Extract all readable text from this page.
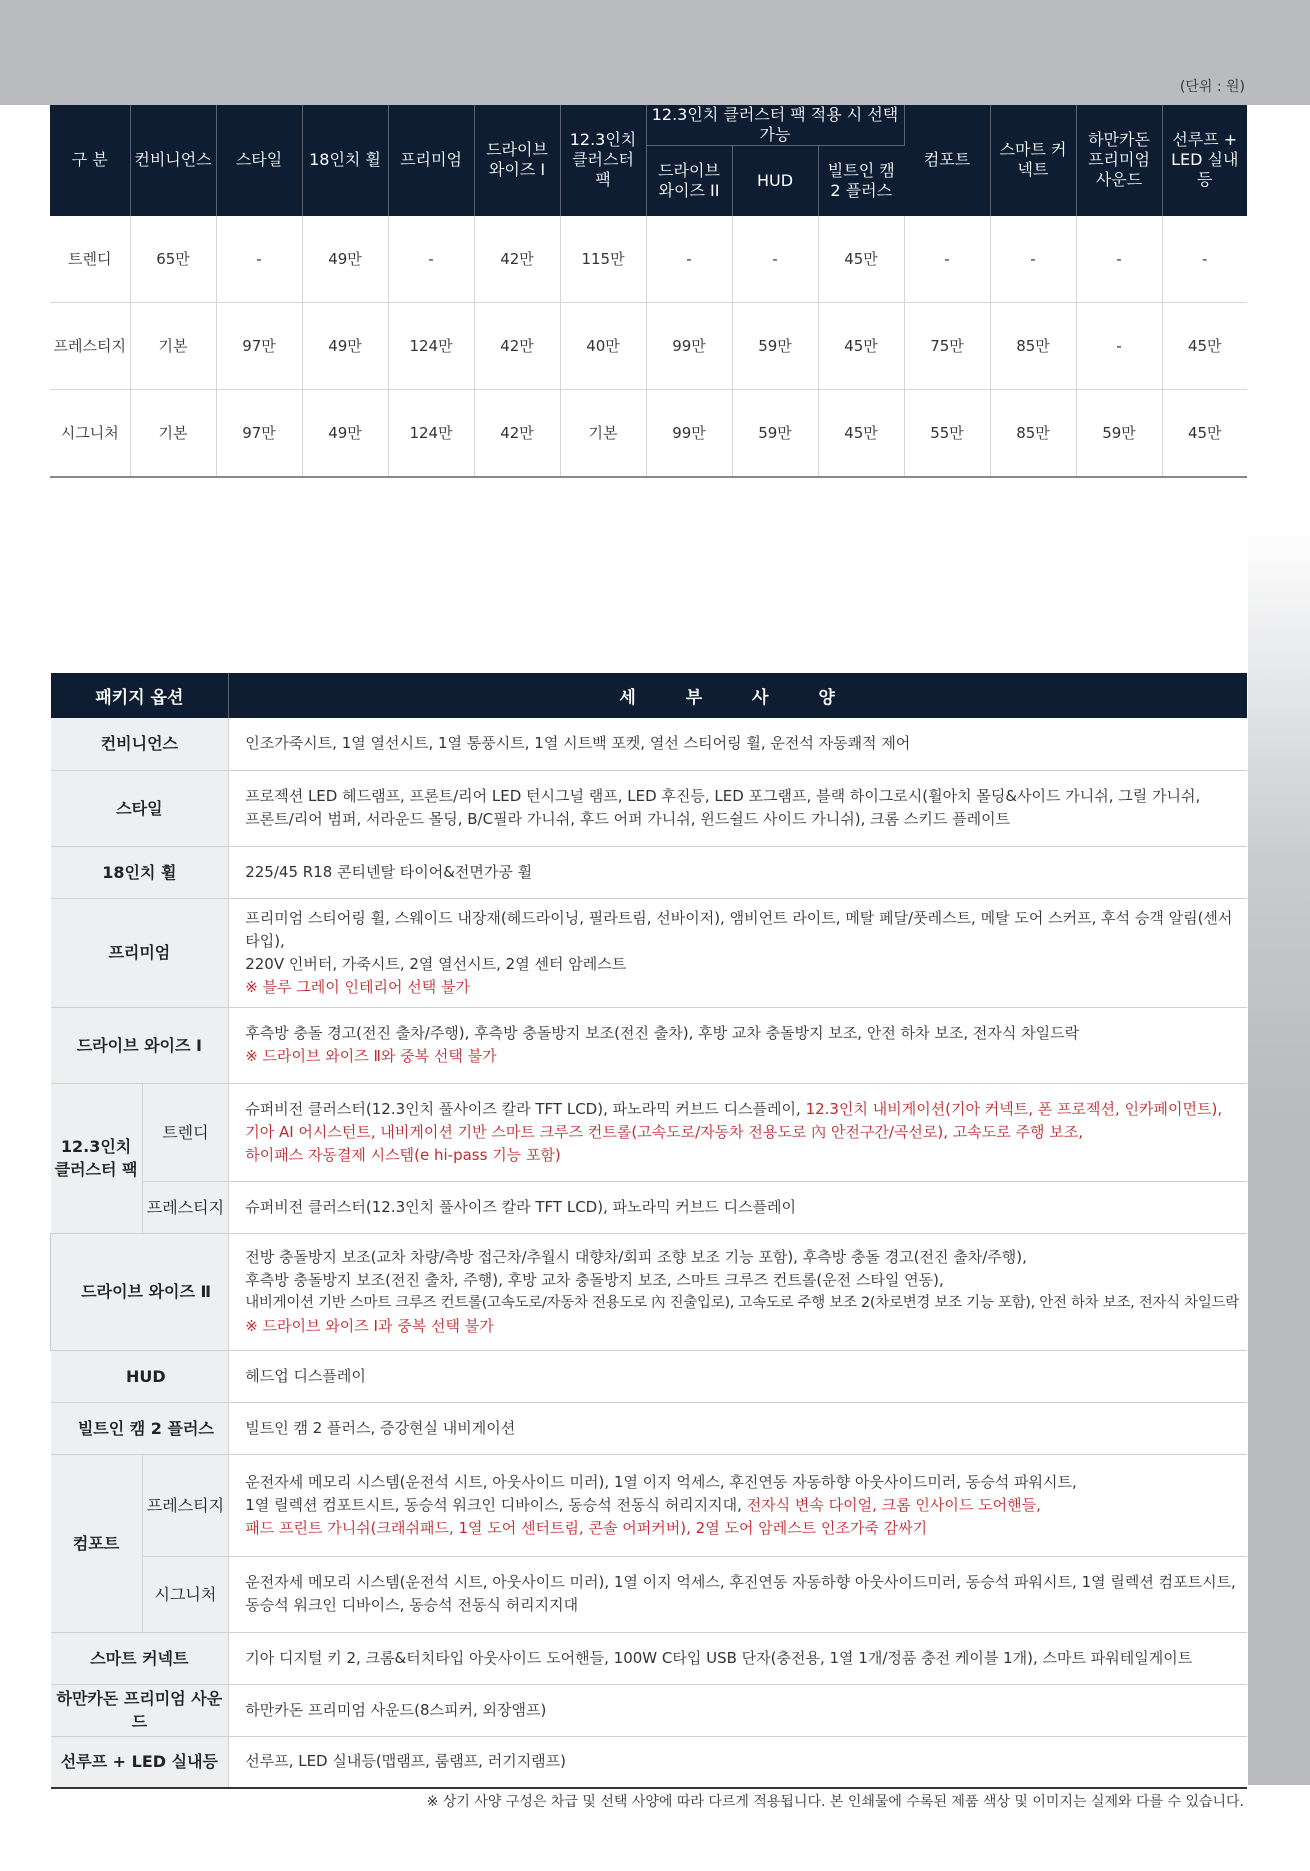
(단위 : 원)
구 분	컨비니언스	스타일	18인치 휠	프리미엄	드라이브 와이즈 I	12.3인치 클러스터 팩	12.3인치 클러스터 팩 적용 시 선택 가능			컴포트	스마트 커넥트	하만카돈 프리미엄 사운드	선루프 + LED 실내등
							드라이브 와이즈 II	HUD	빌트인 캠 2 플러스				
트렌디	65만	-	49만	-	42만	115만	-	-	45만	-	-	-	-
프레스티지	기본	97만	49만	124만	42만	40만	99만	59만	45만	75만	85만	-	45만
시그니처	기본	97만	49만	124만	42만	기본	99만	59만	45만	55만	85만	59만	45만
패키지 옵션		세 부 사 양
컨비니언스		인조가죽시트, 1열 열선시트, 1열 통풍시트, 1열 시트백 포켓, 열선 스티어링 휠, 운전석 자동쾌적 제어
스타일		프로젝션 LED 헤드램프, 프론트/리어 LED 턴시그널 램프, LED 후진등, LED 포그램프, 블랙 하이그로시(휠아치 몰딩&사이드 가니쉬, 그릴 가니쉬,
프론트/리어 범퍼, 서라운드 몰딩, B/C필라 가니쉬, 후드 어퍼 가니쉬, 윈드쉴드 사이드 가니쉬), 크롬 스키드 플레이트

18인치 휠		225/45 R18 콘티넨탈 타이어&전면가공 휠
프리미엄		프리미엄 스티어링 휠, 스웨이드 내장재(헤드라이닝, 필라트림, 선바이저), 앰비언트 라이트, 메탈 페달/풋레스트, 메탈 도어 스커프, 후석 승객 알림(센서 타입),
220V 인버터, 가죽시트, 2열 열선시트, 2열 센터 암레스트
※ 블루 그레이 인테리어 선택 불가

드라이브 와이즈 Ⅰ		후측방 충돌 경고(전진 출차/주행), 후측방 충돌방지 보조(전진 출차), 후방 교차 충돌방지 보조, 안전 하차 보조, 전자식 차일드락
※ 드라이브 와이즈 Ⅱ와 중복 선택 불가

12.3인치 클러스터 팩	트렌디	슈퍼비전 클러스터(12.3인치 풀사이즈 칼라 TFT LCD), 파노라믹 커브드 디스플레이, 12.3인치 내비게이션(기아 커넥트, 폰 프로젝션, 인카페이먼트),
기아 AI 어시스턴트, 내비게이션 기반 스마트 크루즈 컨트롤(고속도로/자동차 전용도로 內 안전구간/곡선로), 고속도로 주행 보조,
하이패스 자동결제 시스템(e hi-pass 기능 포함)

	프레스티지	슈퍼비전 클러스터(12.3인치 풀사이즈 칼라 TFT LCD), 파노라믹 커브드 디스플레이
드라이브 와이즈 Ⅱ		전방 충돌방지 보조(교차 차량/측방 접근차/추월시 대향차/회피 조향 보조 기능 포함), 후측방 충돌 경고(전진 출차/주행),
후측방 충돌방지 보조(전진 출차, 주행), 후방 교차 충돌방지 보조, 스마트 크루즈 컨트롤(운전 스타일 연동),
내비게이션 기반 스마트 크루즈 컨트롤(고속도로/자동차 전용도로 內 진출입로), 고속도로 주행 보조 2(차로변경 보조 기능 포함), 안전 하차 보조, 전자식 차일드락
※ 드라이브 와이즈 Ⅰ과 중복 선택 불가

HUD		헤드업 디스플레이
빌트인 캠 2 플러스		빌트인 캠 2 플러스, 증강현실 내비게이션
컴포트	프레스티지	운전자세 메모리 시스템(운전석 시트, 아웃사이드 미러), 1열 이지 억세스, 후진연동 자동하향 아웃사이드미러, 동승석 파워시트,
1열 릴렉션 컴포트시트, 동승석 워크인 디바이스, 동승석 전동식 허리지지대, 전자식 변속 다이얼, 크롬 인사이드 도어핸들,
패드 프린트 가니쉬(크래쉬패드, 1열 도어 센터트림, 콘솔 어퍼커버), 2열 도어 암레스트 인조가죽 감싸기

	시그니처	운전자세 메모리 시스템(운전석 시트, 아웃사이드 미러), 1열 이지 억세스, 후진연동 자동하향 아웃사이드미러, 동승석 파워시트, 1열 릴렉션 컴포트시트,
동승석 워크인 디바이스, 동승석 전동식 허리지지대

스마트 커넥트		기아 디지털 키 2, 크롬&터치타입 아웃사이드 도어핸들, 100W C타입 USB 단자(충전용, 1열 1개/정품 충전 케이블 1개), 스마트 파워테일게이트
하만카돈 프리미엄 사운드		하만카돈 프리미엄 사운드(8스피커, 외장앰프)
선루프 + LED 실내등		선루프, LED 실내등(맵램프, 룸램프, 러기지램프)
※ 상기 사양 구성은 차급 및 선택 사양에 따라 다르게 적용됩니다. 본 인쇄물에 수록된 제품 색상 및 이미지는 실제와 다를 수 있습니다.
